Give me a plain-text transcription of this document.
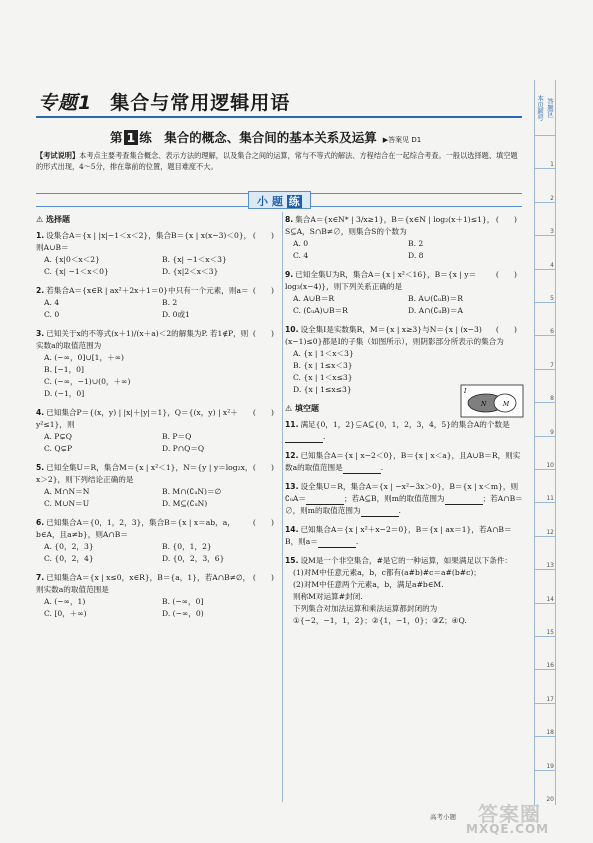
专题1 集合与常用逻辑用语
第 1 练　 集合的概念、集合间的基本关系及运算 ▶答案见 D1
【考试说明】本考点主要考查集合概念、表示方法的理解，以及集合之间的运算，常与不等式的解法、方程结合在一起综合考查。一般以选择题、填空题的形式出现，4～5分，排在靠前的位置，题目难度不大。
小 题 练
⚠ 选择题
(　　)
1. 设集合A＝{x | |x|−1＜x＜2}，集合B＝{x | x(x−3)＜0}，则A∪B＝
A. {x|0＜x＜2}	B. {x| −1＜x＜3}
C. {x| −1＜x＜0}	D. {x|2＜x＜3}
(　　)
2. 若集合A＝{x∈R | ax²＋2x＋1＝0}中只有一个元素，则a＝
A. 4	B. 2
C. 0	D. 0或1
(　　)
3. 已知关于x的不等式(x＋1)/(x＋a)＜2的解集为P. 若1∉P，则实数a的取值范围为
A. (−∞，0]∪[1，＋∞)
B. [−1，0]
C. (−∞，−1)∪(0，＋∞)
D. (−1，0]
(　　)
4. 已知集合P＝{(x，y) | |x|＋|y|＝1}，Q＝{(x，y) | x²＋y²≤1}，则
A. P⊊Q	B. P＝Q
C. Q⊊P	D. P∩Q＝Q
(　　)
5. 已知全集U＝R，集合M＝{x | x²＜1}，N＝{y | y＝log₂x，x＞2}，则下列结论正确的是
A. M∩N＝N	B. M∩(∁ᵤN)＝∅
C. M∪N＝U	D. M⊆(∁ᵤN)
(　　)
6. 已知集合A＝{0，1，2，3}，集合B＝{x | x＝ab，a，b∈A，且a≠b}，则A∩B＝
A. {0，2，3}	B. {0，1，2}
C. {0，2，4}	D. {0，2，3，6}
(　　)
7. 已知集合A＝{x | x≤0，x∈R}，B＝{a，1}，若A∩B≠∅，则实数a的取值范围是
A. (−∞，1)	B. (−∞，0]
C. [0，＋∞)	D. (−∞，0)
(　　)
8. 集合A＝{x∈N* | 3/x≥1}，B＝{x∈N | log₂(x＋1)≤1}，S⊆A，S∩B≠∅，则集合S的个数为
A. 0	B. 2
C. 4	D. 8
(　　)
9. 已知全集U为R，集合A＝{x | x²＜16}，B＝{x | y＝log₃(x−4)}，则下列关系正确的是
A. A∪B＝R	B. A∪(∁ᵤB)＝R
C. (∁ᵤA)∪B＝R	D. A∩(∁ᵤB)＝A
(　　)
10. 设全集I是实数集R，M＝{x | x≥3}与N＝{x | (x−3)(x−1)≤0}都是I的子集（如图所示），则阴影部分所表示的集合为
A. {x | 1＜x＜3}
B. {x | 1≤x＜3}
C. {x | 1＜x≤3}
D. {x | 1≤x≤3}
⚠ 填空题
11. 满足{0，1，2}⊊A⊆{0，1，2，3，4，5}的集合A的个数是.
12. 已知集合A＝{x | x−2＜0}，B＝{x | x＜a}，且A∪B＝R，则实数a的取值范围是	.
13. 设全集U＝R，集合A＝{x | −x²−3x＞0}，B＝{x | x＜m}，则∁ᵤA＝	；若A⊆B，则m的取值范围为	；若A∩B＝∅，则m的取值范围为	.
14. 已知集合A＝{x | x²＋x−2＝0}，B＝{x | ax＝1}，若A∩B＝B，则a＝	.
15. 设M是一个非空集合，#是它的一种运算，如果满足以下条件：
(1)对M中任意元素a，b，c都有(a#b)#c＝a#(b#c)；
(2)对M中任意两个元素a，b，满足a#b∈M.
则称M对运算#封闭.
下列集合对加法运算和乘法运算都封闭的为
①{−2，−1，1，2}；②{1，−1，0}；③Z；④Q.
I
N	M
本页题号 答题区
1
2
3
4
5
6
7
8
9
10
11
12
13
14
15
16
17
18
19
20
高考小题 答案圈
MXQE.COM
